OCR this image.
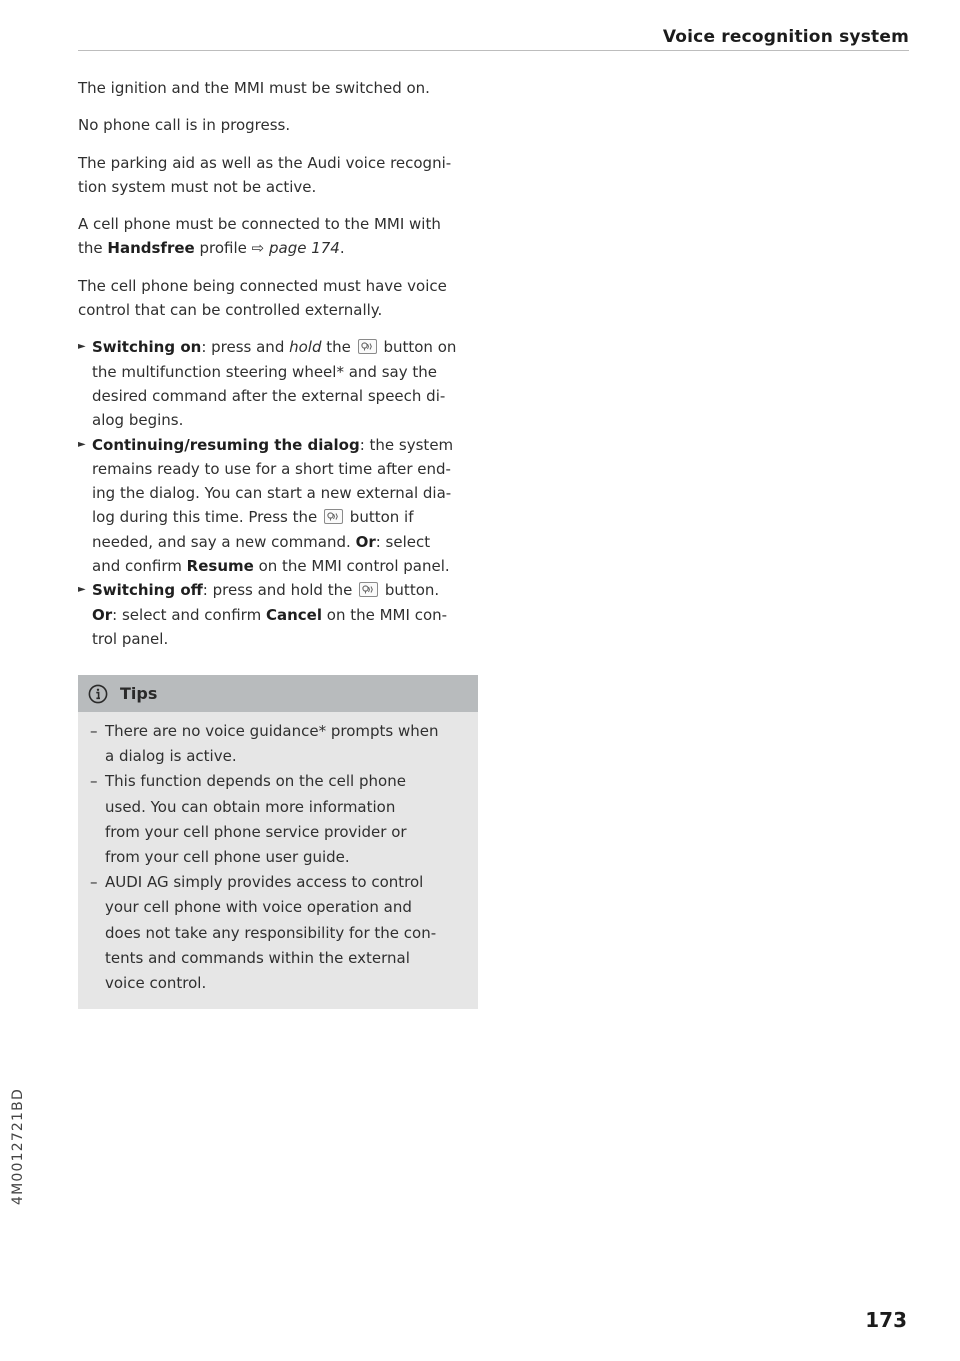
Voice recognition system

The ignition and the MMI must be switched on.

No phone call is in progress.

The parking aid as well as the Audi voice recogni-
tion system must not be active.

A cell phone must be connected to the MMI with
the Handsfree profile ⇨ page 174.

The cell phone being connected must have voice
control that can be controlled externally.

► Switching on: press and hold the button on
the multifunction steering wheel* and say the
desired command after the external speech di-
alog begins.
► Continuing/resuming the dialog: the system
remains ready to use for a short time after end-
ing the dialog. You can start a new external dia-
log during this time. Press the button if
needed, and say a new command. Or: select
and confirm Resume on the MMI control panel.
► Switching off: press and hold the button.
Or: select and confirm Cancel on the MMI con-
trol panel.
Tips
– There are no voice guidance* prompts when
a dialog is active.
– This function depends on the cell phone
used. You can obtain more information
from your cell phone service provider or
from your cell phone user guide.
– AUDI AG simply provides access to control
your cell phone with voice operation and
does not take any responsibility for the con-
tents and commands within the external
voice control.
4M0012721BD
173
